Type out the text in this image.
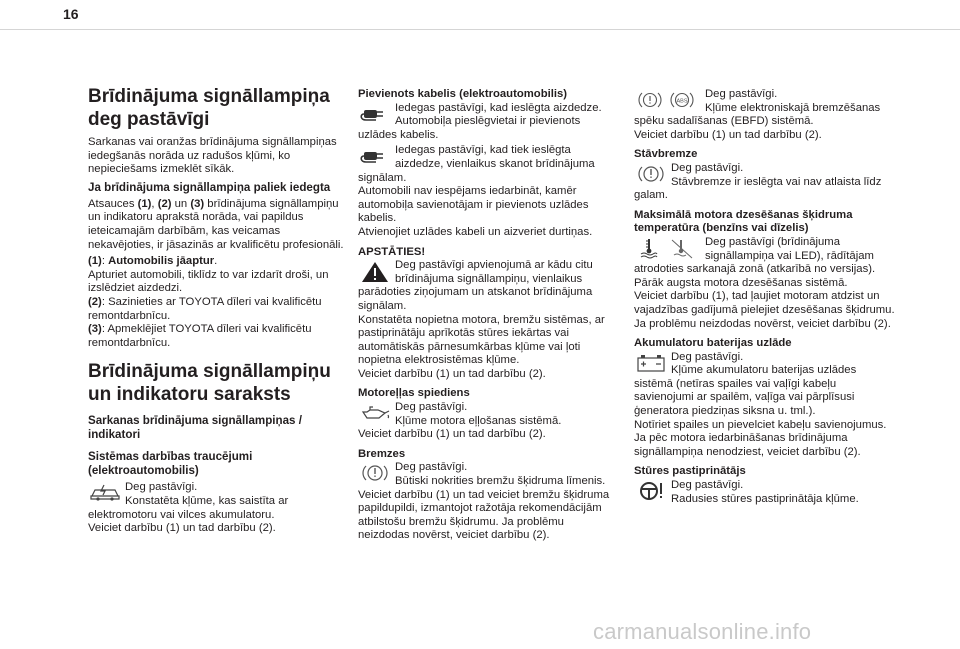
16
Brīdinājuma signāllampiņa
deg pastāvīgi

Sarkanas vai oranžas brīdinājuma signāllampiņas iedegšanās norāda uz radušos kļūmi, ko nepieciešams izmeklēt sīkāk.

Ja brīdinājuma signāllampiņa paliek iedegta

Atsauces (1), (2) un (3) brīdinājuma signāllampiņu un indikatoru aprakstā norāda, vai papildus ieteicamajām darbībām, kas veicamas nekavējoties, ir jāsazinās ar kvalificētu profesionāli.

(1): Automobilis jāaptur.

Apturiet automobili, tiklīdz to var izdarīt droši, un izslēdziet aizdedzi.

(2): Sazinieties ar TOYOTA dīleri vai kvalificētu remontdarbnīcu.

(3): Apmeklējiet TOYOTA dīleri vai kvalificētu remontdarbnīcu.

Brīdinājuma signāllampiņu
un indikatoru saraksts
Sarkanas brīdinājuma signāllampiņas / indikatori
Sistēmas darbības traucējumi (elektroautomobilis)
Deg pastāvīgi.
Konstatēta kļūme, kas saistīta ar elektromotoru vai vilces akumulatoru.
Veiciet darbību (1) un tad darbību (2).
Pievienots kabelis (elektroautomobilis)
Iedegas pastāvīgi, kad ieslēgta aizdedze. Automobiļa pieslēgvietai ir pievienots uzlādes kabelis.
Iedegas pastāvīgi, kad tiek ieslēgta aizdedze, vienlaikus skanot brīdinājuma signālam.
Automobili nav iespējams iedarbināt, kamēr automobiļa savienotājam ir pievienots uzlādes kabelis.
Atvienojiet uzlādes kabeli un aizveriet durtiņas.
APSTĀTIES!
Deg pastāvīgi apvienojumā ar kādu citu brīdinājuma signāllampiņu, vienlaikus parādoties ziņojumam un atskanot brīdinājuma signālam.
Konstatēta nopietna motora, bremžu sistēmas, ar pastiprinātāju aprīkotās stūres iekārtas vai automātiskās pārnesumkārbas kļūme vai ļoti nopietna elektrosistēmas kļūme.
Veiciet darbību (1) un tad darbību (2).
Motoreļļas spiediens
Deg pastāvīgi.
Kļūme motora eļļošanas sistēmā.
Veiciet darbību (1) un tad darbību (2).
Bremzes
Deg pastāvīgi.
Būtiski nokrities bremžu šķidruma līmenis.
Veiciet darbību (1) un tad veiciet bremžu šķidruma papildupildi, izmantojot ražotāja rekomendācijām atbilstošu bremžu šķidrumu. Ja problēmu neizdodas novērst, veiciet darbību (2).
ABS
Deg pastāvīgi.
Kļūme elektroniskajā bremzēšanas spēku sadalīšanas (EBFD) sistēmā.
Veiciet darbību (1) un tad darbību (2).
Stāvbremze
Deg pastāvīgi.
Stāvbremze ir ieslēgta vai nav atlaista līdz galam.
Maksimālā motora dzesēšanas šķidruma temperatūra (benzīns vai dīzelis)
Deg pastāvīgi (brīdinājuma signāllampiņa vai LED), rādītājam atrodoties sarkanajā zonā (atkarībā no versijas).
Pārāk augsta motora dzesēšanas sistēmā.
Veiciet darbību (1), tad ļaujiet motoram atdzist un vajadzības gadījumā pielejiet dzesēšanas šķidrumu. Ja problēmu neizdodas novērst, veiciet darbību (2).
Akumulatoru baterijas uzlāde
Deg pastāvīgi.
Kļūme akumulatoru baterijas uzlādes sistēmā (netīras spailes vai vaļīgi kabeļu savienojumi ar spailēm, vaļīga vai pārplīsusi ģeneratora piedziņas siksna u. tml.).
Notīriet spailes un pievelciet kabeļu savienojumus. Ja pēc motora iedarbināšanas brīdinājuma signāllampiņa nenodziest, veiciet darbību (2).
Stūres pastiprinātājs
Deg pastāvīgi.
Radusies stūres pastiprinātāja kļūme.
carmanualsonline.info
